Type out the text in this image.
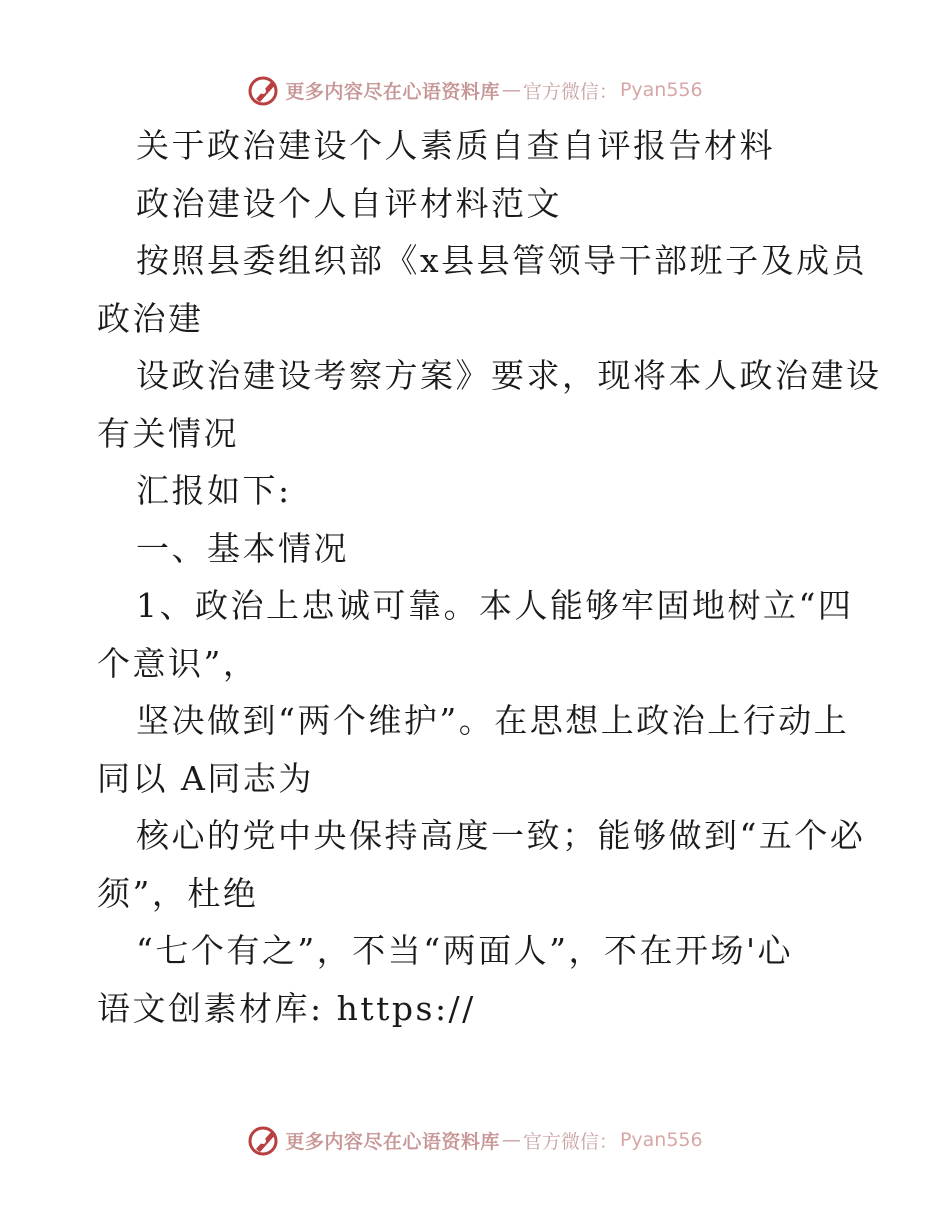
更多内容尽在心语资料库 — 官方微信： Pyan556
关于政治建设个人素质自查自评报告材料
政治建设个人自评材料范文
按照县委组织部《x县县管领导干部班子及成员
政治建
设政治建设考察方案》要求，现将本人政治建设
有关情况
汇报如下:
一、基本情况
1、政治上忠诚可靠。本人能够牢固地树立“四
个意识”，
坚决做到“两个维护”。在思想上政治上行动上
同以 A同志为
核心的党中央保持高度一致；能够做到“五个必
须”，杜绝
“七个有之”，不当“两面人”，不在开场'心
语文创素材库: https://
更多内容尽在心语资料库 — 官方微信： Pyan556
